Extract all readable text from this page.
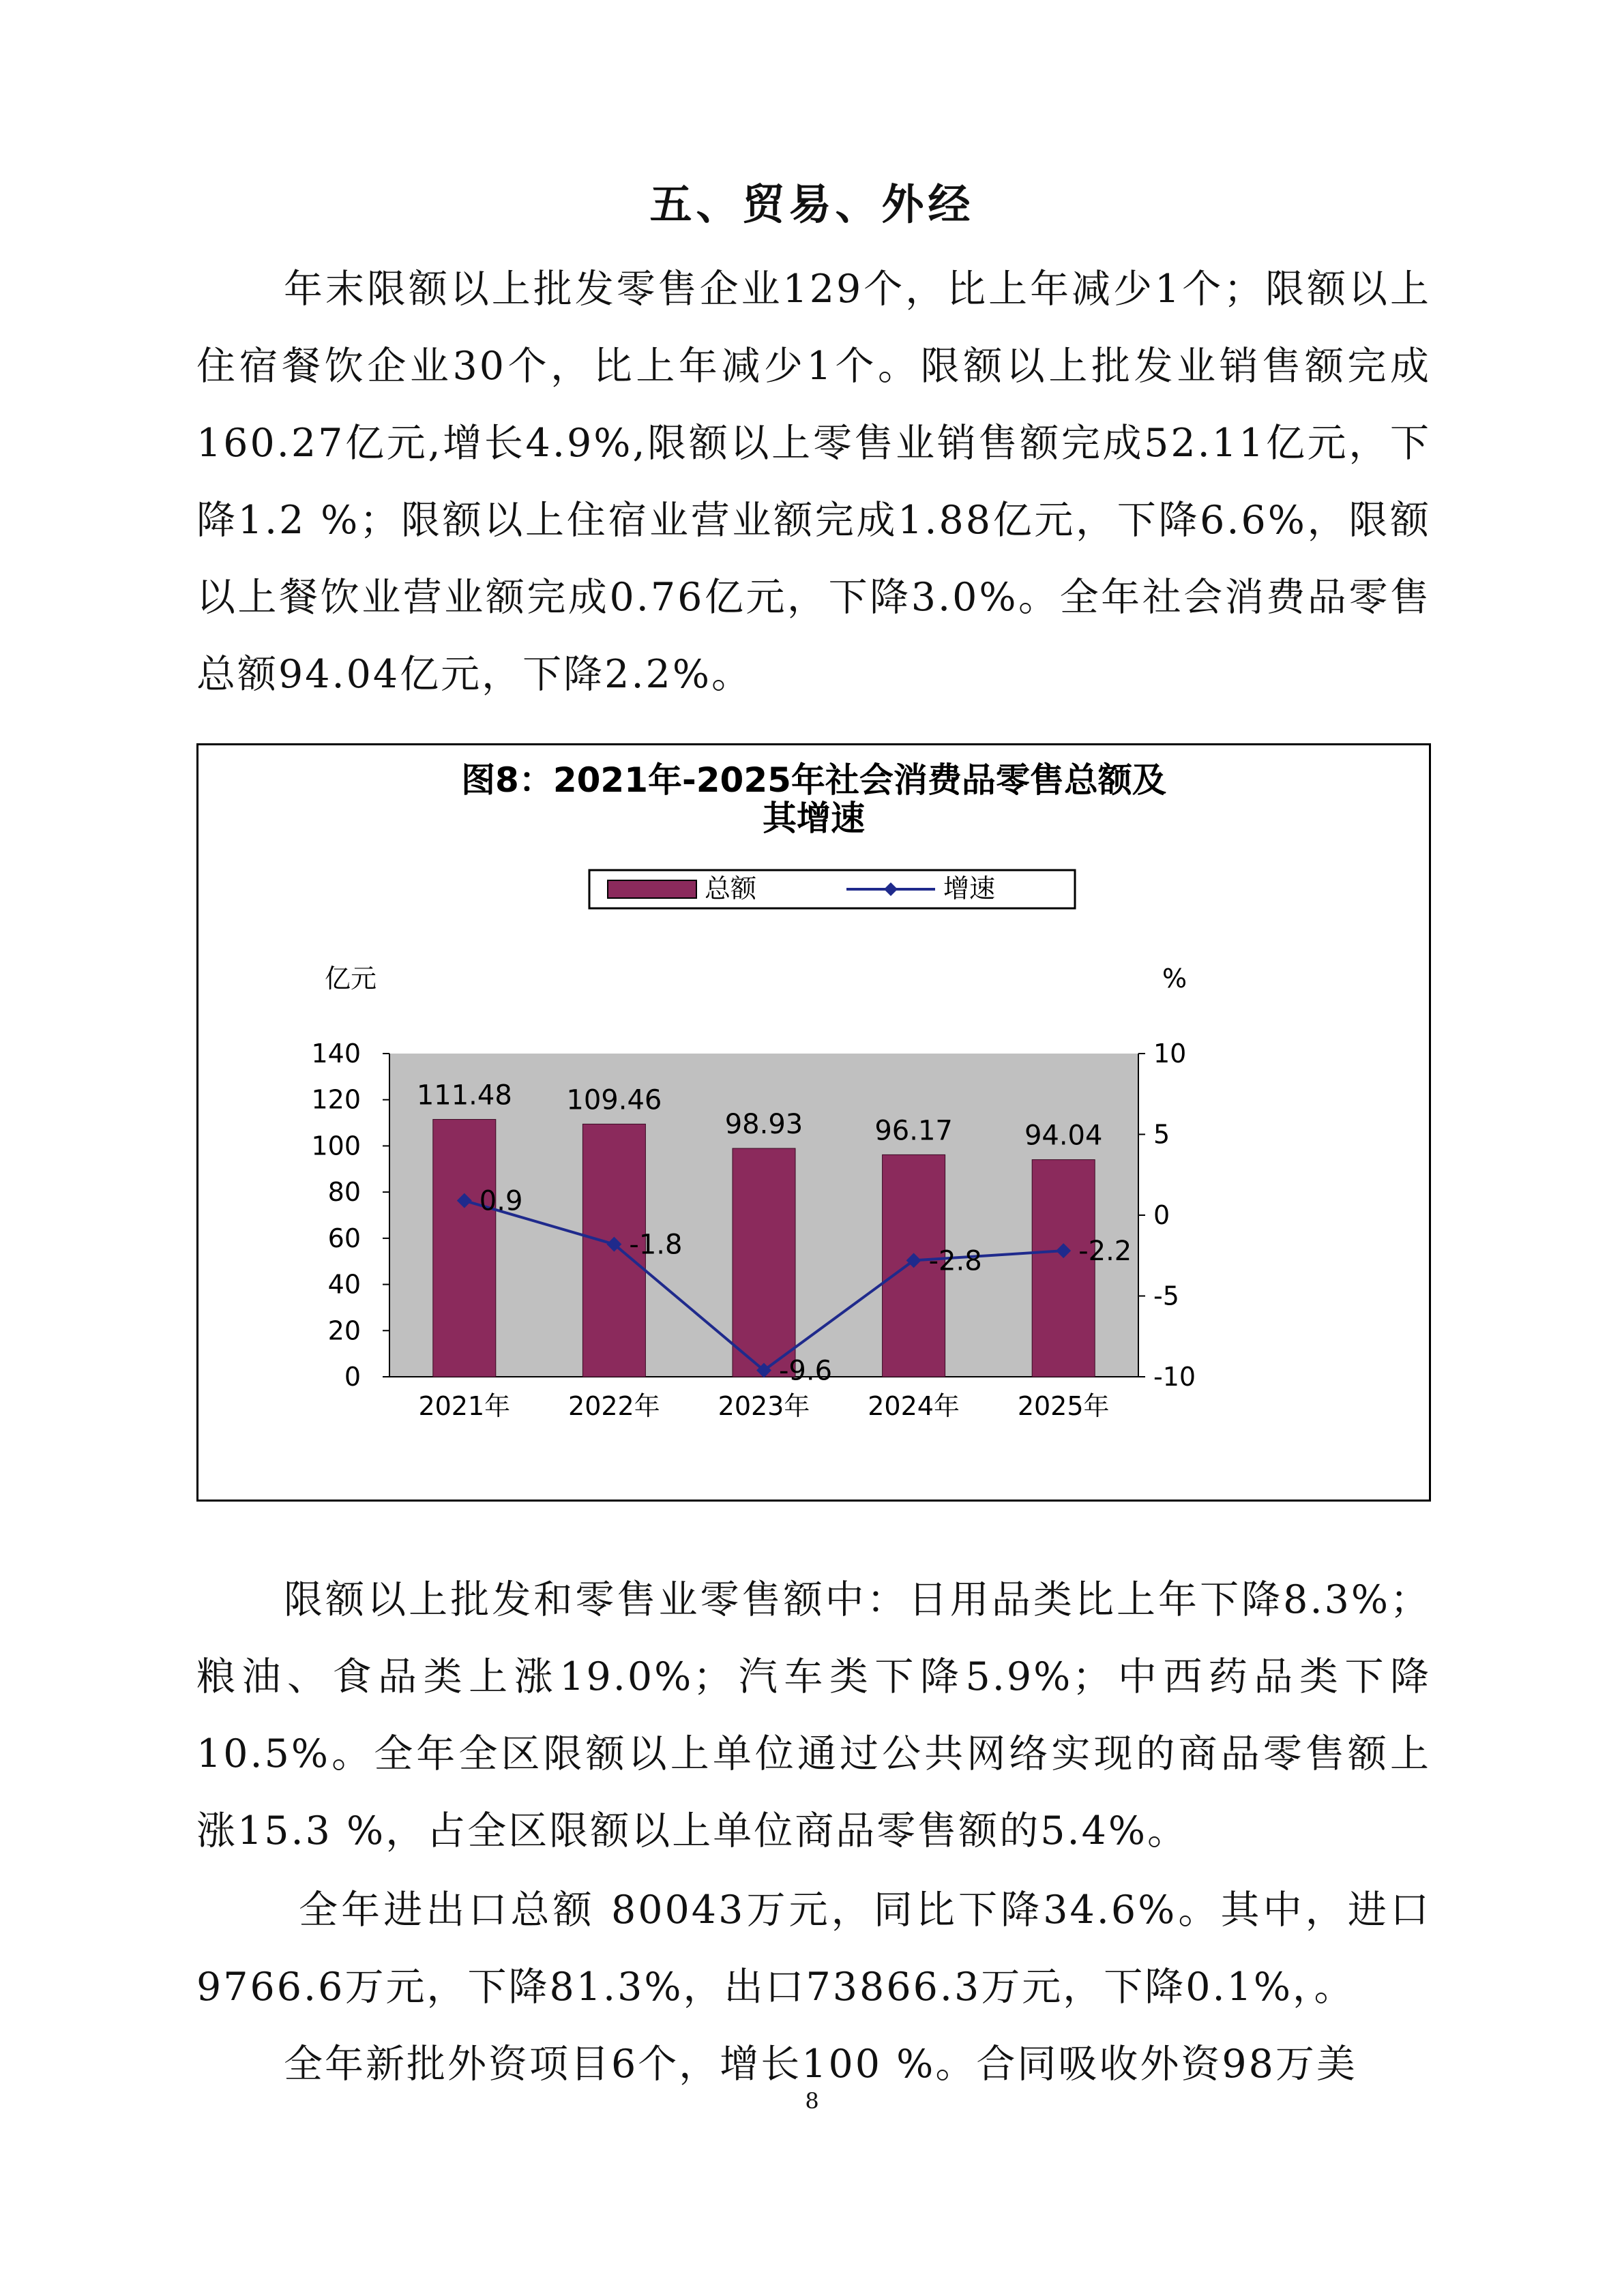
五、贸易、外经

年末限额以上批发零售企业129个，比上年减少1个；限额以上住宿餐饮企业30个，比上年减少1个。限额以上批发业销售额完成160.27亿元,增长4.9%,限额以上零售业销售额完成52.11亿元，下降1.2 %；限额以上住宿业营业额完成1.88亿元，下降6.6%，限额以上餐饮业营业额完成0.76亿元，下降3.0%。全年社会消费品零售总额94.04亿元，下降2.2%。

图8：2021年-2025年社会消费品零售总额及
其增速
总额	增速
亿元	%
0
20
40
60
80
100
120
140
-10
-5
0
5
10
111.48
2021年
109.46
2022年
98.93
2023年
96.17
2024年
94.04
2025年
0.9
-1.8
-9.6
-2.8	-2.2

限额以上批发和零售业零售额中：日用品类比上年下降8.3%；粮油、食品类上涨19.0%；汽车类下降5.9%；中西药品类下降10.5%。全年全区限额以上单位通过公共网络实现的商品零售额上涨15.3 %，占全区限额以上单位商品零售额的5.4%。

全年进出口总额 80043万元，同比下降34.6%。其中，进口9766.6万元，下降81.3%，出口73866.3万元，下降0.1%，。

全年新批外资项目6个，增长100 %。合同吸收外资98万美

8
